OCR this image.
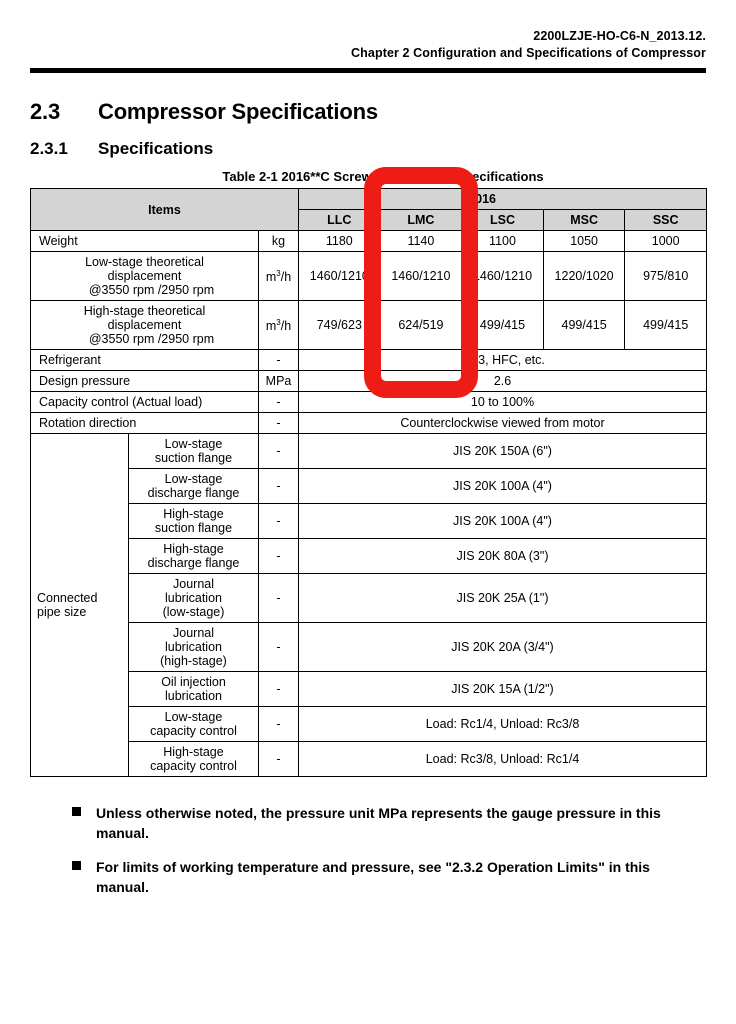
2200LZJE-HO-C6-N_2013.12.
Chapter 2 Configuration and Specifications of Compressor
2.3	Compressor Specifications
2.3.1	Specifications
Table 2-1 2016**C Screw Compressor Specifications
Items					2016		
			LLC	LMC	LSC	MSC	SSC
Weight		kg	1180	1140	1100	1050	1000
Low-stage theoretical
displacement

@3550 rpm /2950 rpm		$m^3/h$	1460/1210	1460/1210	1460/1210	1220/1020	975/810
High-stage theoretical
displacement

@3550 rpm /2950 rpm		$m^3/h$	749/623	624/519	499/415	499/415	499/415
Refrigerant		-	NH3, HFC, etc.				
Design pressure		MPa	2.6				
Capacity control (Actual load)		-	10 to 100%				
Rotation direction		-	Counterclockwise viewed from motor				
Connected
pipe size	Low-stage
suction flange	-	JIS 20K 150A (6")				
	Low-stage
discharge flange	-	JIS 20K 100A (4")				
	High-stage
suction flange	-	JIS 20K 100A (4")				
	High-stage
discharge flange	-	JIS 20K 80A (3")				
	Journal
lubrication
(low-stage)	-	JIS 20K 25A (1")				
	Journal
lubrication
(high-stage)	-	JIS 20K 20A (3/4")				
	Oil injection
lubrication	-	JIS 20K 15A (1/2")				
	Low-stage
capacity control	-	Load: Rc1/4, Unload: Rc3/8				
	High-stage
capacity control	-	Load: Rc3/8, Unload: Rc1/4				
Unless otherwise noted, the pressure unit MPa represents the gauge pressure in this manual.
For limits of working temperature and pressure, see "2.3.2 Operation Limits" in this manual.
